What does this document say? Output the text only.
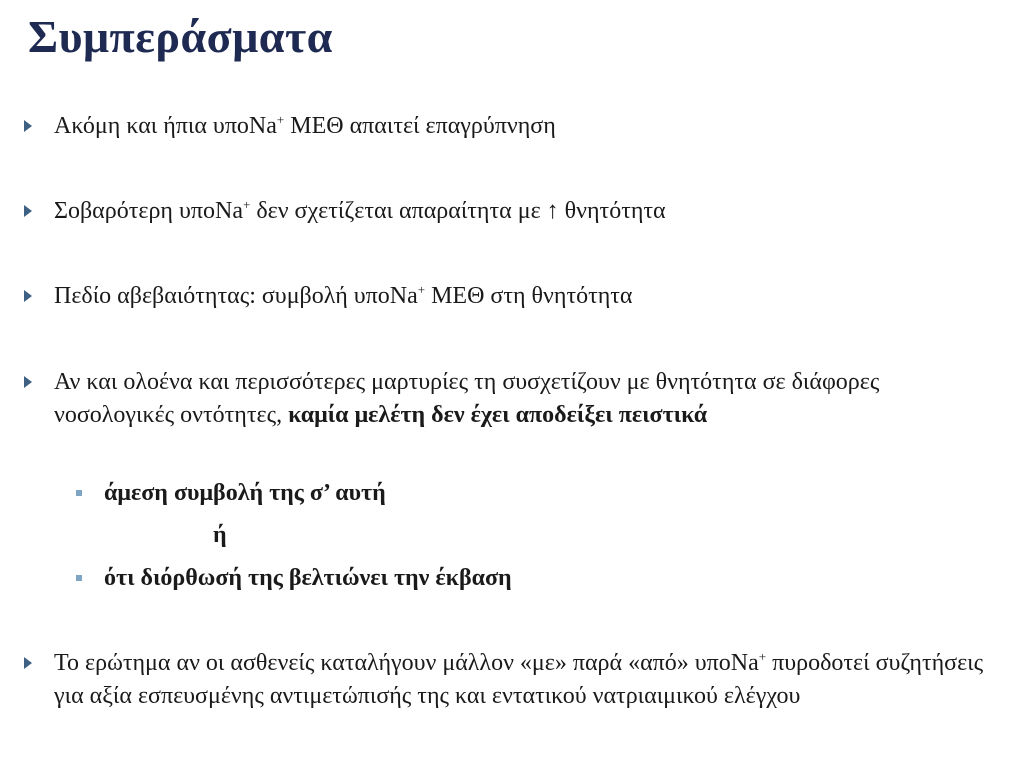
Συμπεράσματα
Ακόμη και ήπια υποNa+ ΜΕΘ απαιτεί επαγρύπνηση
Σοβαρότερη υποNa+ δεν σχετίζεται απαραίτητα με ↑ θνητότητα
Πεδίο αβεβαιότητας: συμβολή υποNa+ ΜΕΘ στη θνητότητα
Αν και ολοένα και περισσότερες μαρτυρίες τη συσχετίζουν με θνητότητα σε διάφορες νοσολογικές οντότητες, καμία μελέτη δεν έχει αποδείξει πειστικά
άμεση συμβολή της σ’ αυτή
ή
ότι διόρθωσή της βελτιώνει την έκβαση
Το ερώτημα αν οι ασθενείς καταλήγουν μάλλον «με» παρά «από» υποNa+ πυροδοτεί συζητήσεις για αξία εσπευσμένης αντιμετώπισής της και εντατικού νατριαιμικού ελέγχου
